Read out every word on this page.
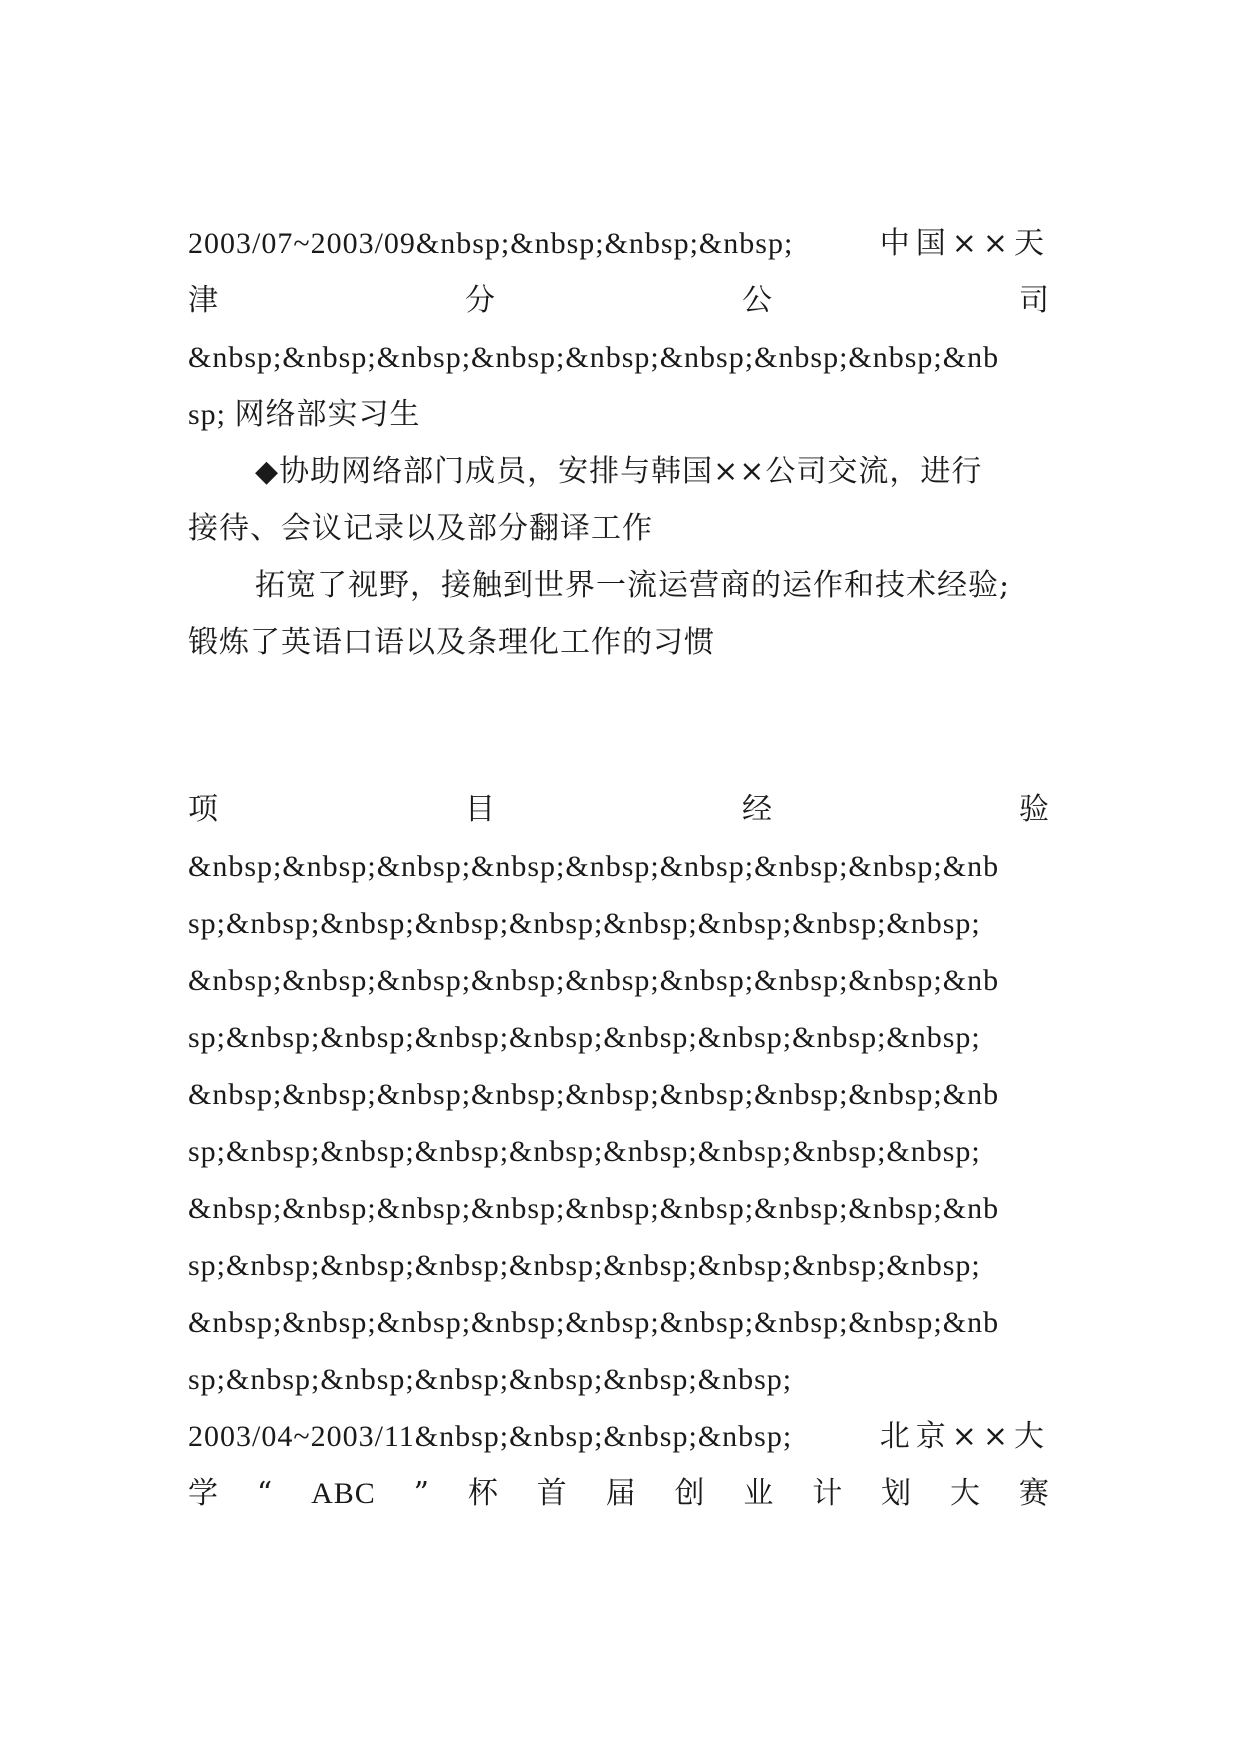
2003/07~2003/09&nbsp;&nbsp;&nbsp;&nbsp;	中国××天
津	分	公	司
&nbsp;&nbsp;&nbsp;&nbsp;&nbsp;&nbsp;&nbsp;&nbsp;&nb
sp; 网络部实习生
◆协助网络部门成员，安排与韩国××公司交流，进行
接待、会议记录以及部分翻译工作
拓宽了视野，接触到世界一流运营商的运作和技术经验;
锻炼了英语口语以及条理化工作的习惯
项	目	经	验
&nbsp;&nbsp;&nbsp;&nbsp;&nbsp;&nbsp;&nbsp;&nbsp;&nb
sp;&nbsp;&nbsp;&nbsp;&nbsp;&nbsp;&nbsp;&nbsp;&nbsp;
&nbsp;&nbsp;&nbsp;&nbsp;&nbsp;&nbsp;&nbsp;&nbsp;&nb
sp;&nbsp;&nbsp;&nbsp;&nbsp;&nbsp;&nbsp;&nbsp;&nbsp;
&nbsp;&nbsp;&nbsp;&nbsp;&nbsp;&nbsp;&nbsp;&nbsp;&nb
sp;&nbsp;&nbsp;&nbsp;&nbsp;&nbsp;&nbsp;&nbsp;&nbsp;
&nbsp;&nbsp;&nbsp;&nbsp;&nbsp;&nbsp;&nbsp;&nbsp;&nb
sp;&nbsp;&nbsp;&nbsp;&nbsp;&nbsp;&nbsp;&nbsp;&nbsp;
&nbsp;&nbsp;&nbsp;&nbsp;&nbsp;&nbsp;&nbsp;&nbsp;&nb
sp;&nbsp;&nbsp;&nbsp;&nbsp;&nbsp;&nbsp;
2003/04~2003/11&nbsp;&nbsp;&nbsp;&nbsp;	北京××大
学 “ ABC ” 杯 首 届 创 业 计 划 大 赛
